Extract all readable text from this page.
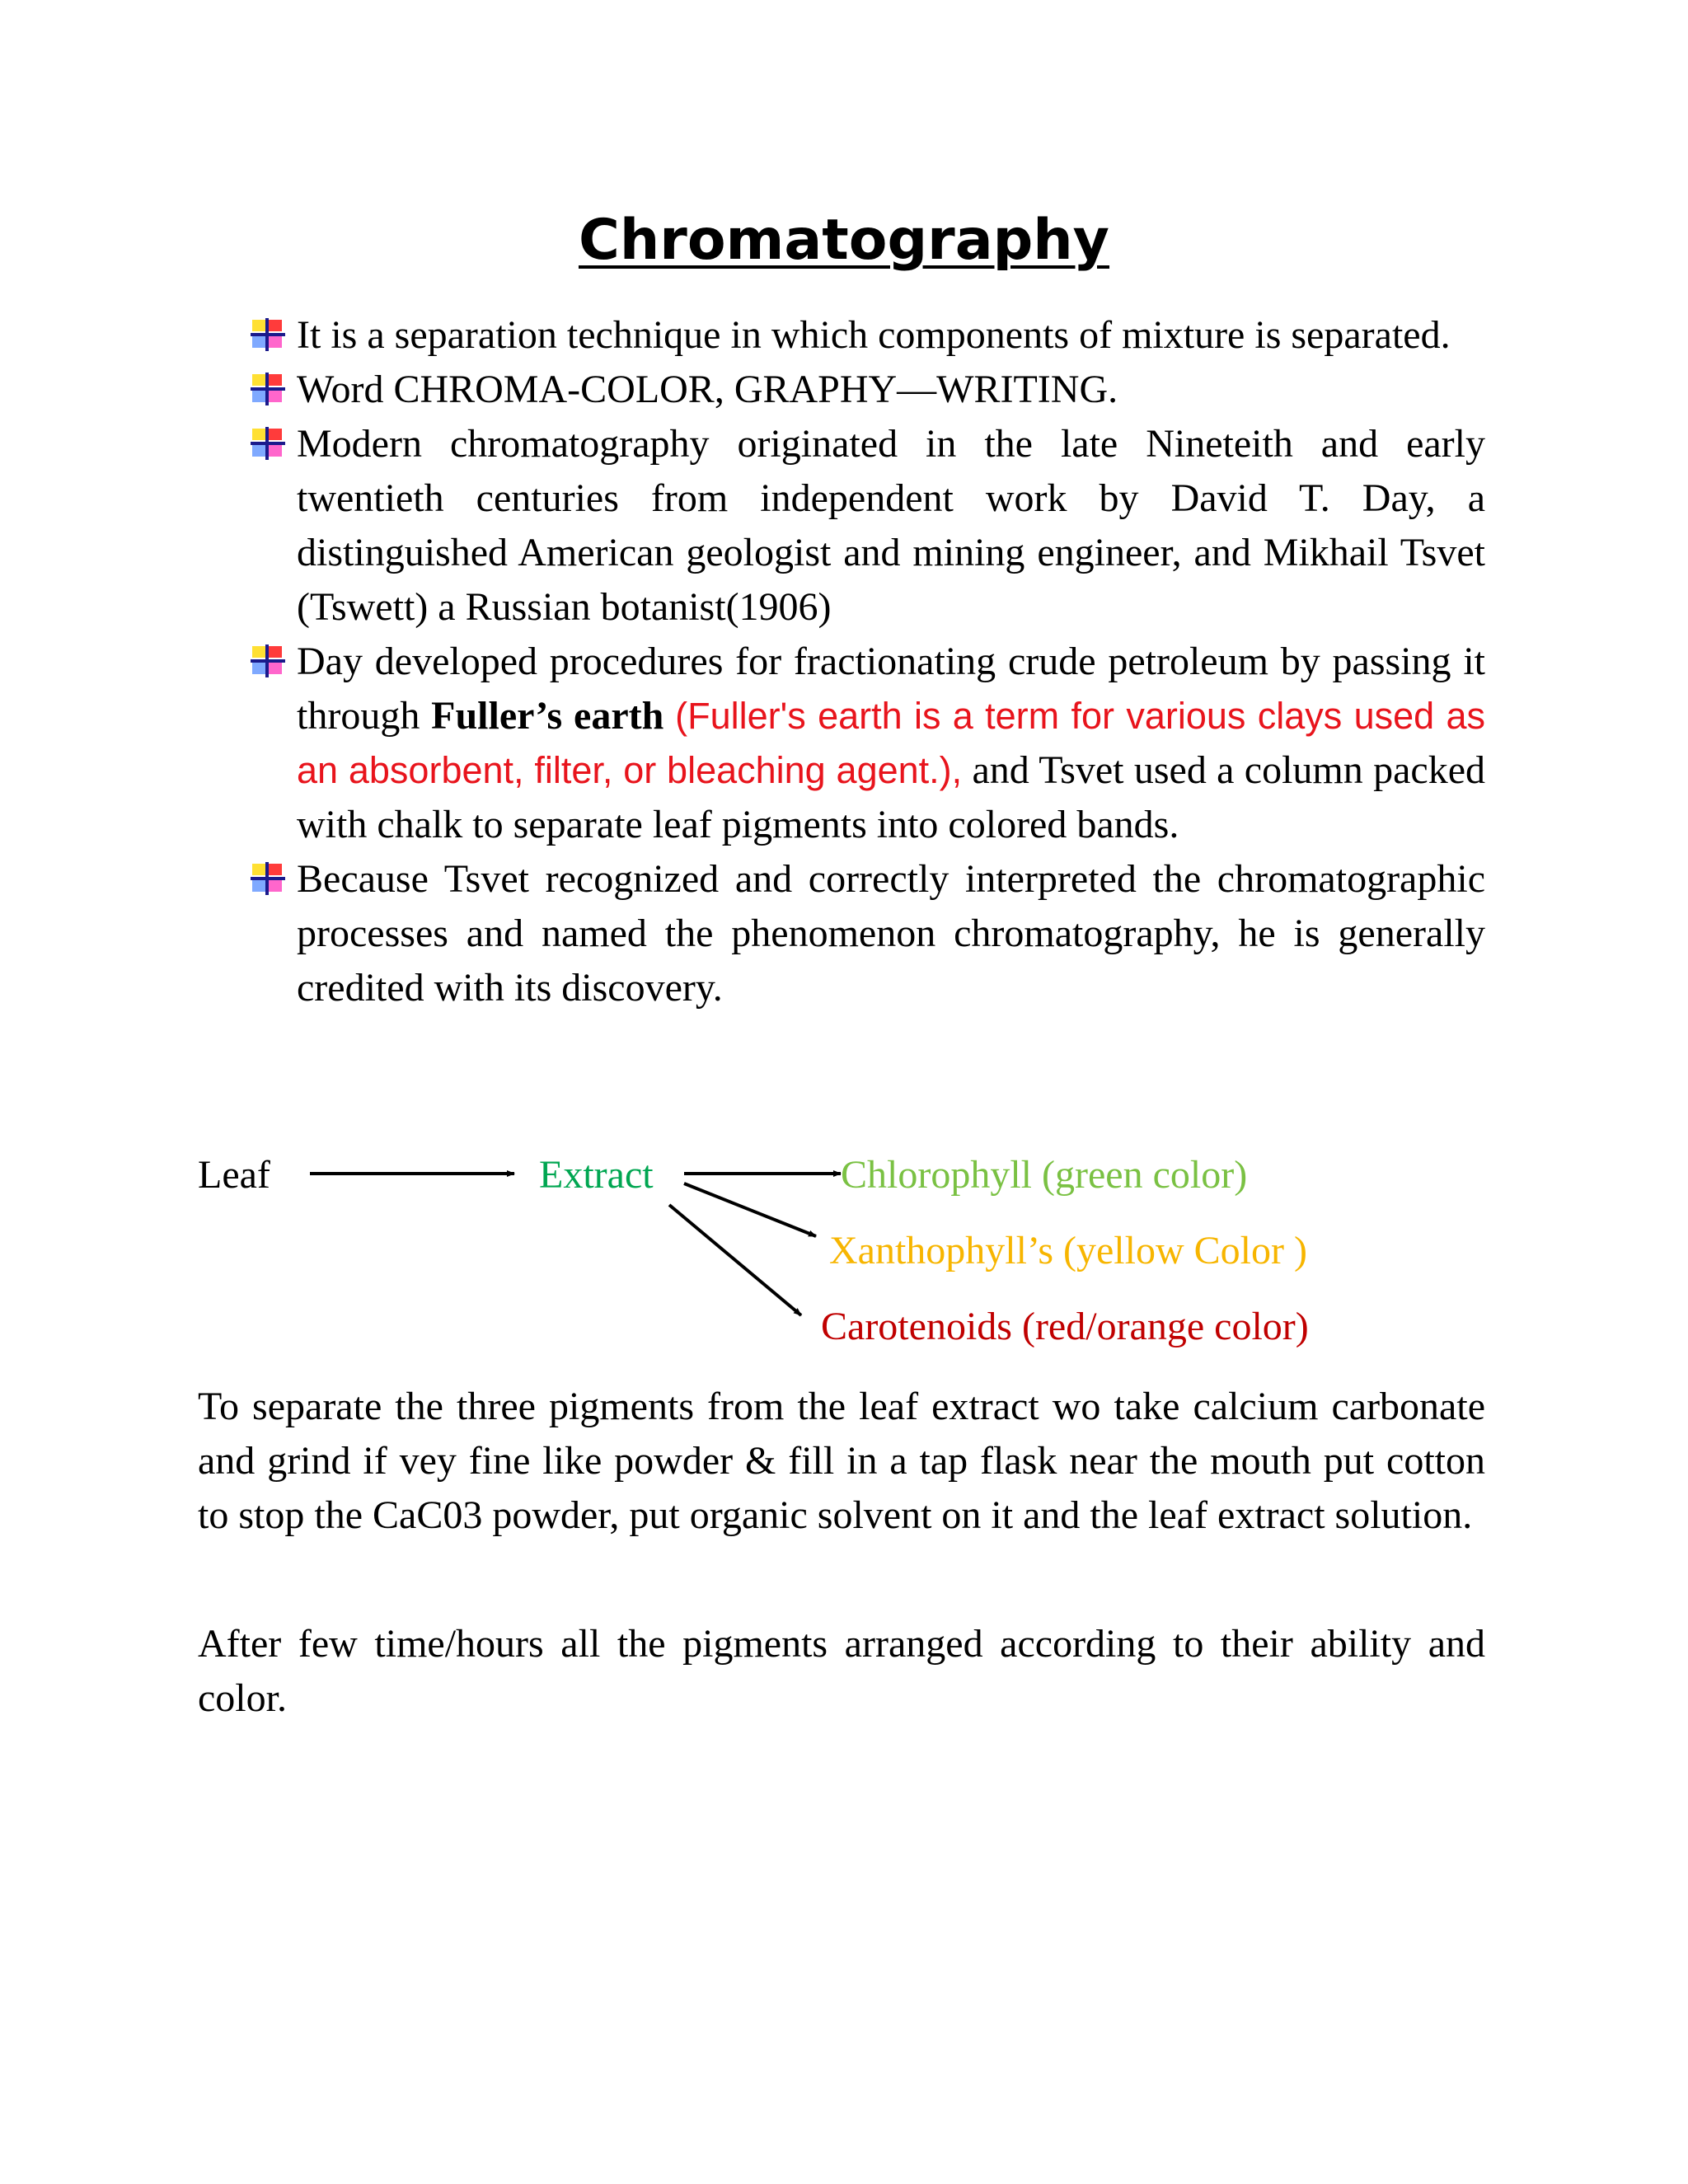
Chromatography
It is a separation technique in which components of mixture is separated.
Word CHROMA-COLOR, GRAPHY—WRITING.
Modern chromatography originated in the late Nineteith and early twentieth centuries from independent work by David T. Day, a distinguished American geologist and mining engineer, and Mikhail Tsvet (Tswett) a Russian botanist(1906)
Day developed procedures for fractionating crude petroleum by passing it through Fuller’s earth (Fuller's earth is a term for various clays used as an absorbent, filter, or bleaching agent.), and Tsvet used a column packed with chalk to separate leaf pigments into colored bands.
Because Tsvet recognized and correctly interpreted the chromatographic processes and named the phenomenon chromatography, he is generally credited with its discovery.
Leaf	Extract	Chlorophyll (green color)
Xanthophyll’s (yellow Color )
Carotenoids (red/orange color)

To separate the three pigments from the leaf extract wo take calcium carbonate and grind if vey fine like powder & fill in a tap flask near the mouth put cotton to stop the CaC03 powder, put organic solvent on it and the leaf extract solution.

After few time/hours all the pigments arranged according to their ability and color.
